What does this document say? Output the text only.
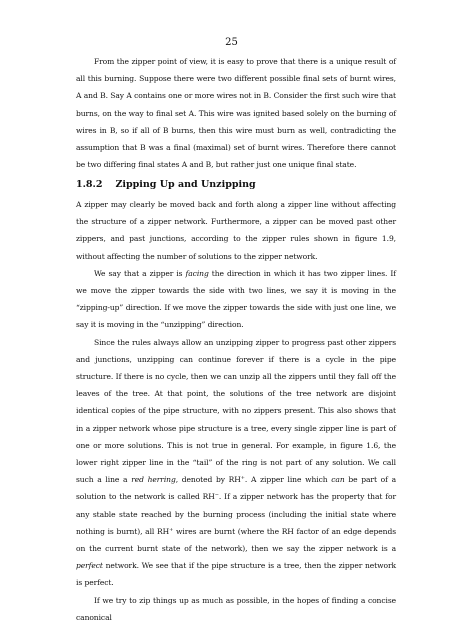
25

From the zipper point of view, it is easy to prove that there is a unique result of all this burning. Suppose there were two different possible final sets of burnt wires, A and B. Say A contains one or more wires not in B. Consider the first such wire that burns, on the way to final set A. This wire was ignited based solely on the burning of wires in B, so if all of B burns, then this wire must burn as well, contradicting the assumption that B was a final (maximal) set of burnt wires. Therefore there cannot be two differing final states A and B, but rather just one unique final state.

1.8.2 Zipping Up and Unzipping

A zipper may clearly be moved back and forth along a zipper line without affecting the structure of a zipper network. Furthermore, a zipper can be moved past other zippers, and past junctions, according to the zipper rules shown in figure 1.9, without affecting the number of solutions to the zipper network.

We say that a zipper is facing the direction in which it has two zipper lines. If we move the zipper towards the side with two lines, we say it is moving in the “zipping-up” direction. If we move the zipper towards the side with just one line, we say it is moving in the “unzipping” direction.

Since the rules always allow an unzipping zipper to progress past other zippers and junctions, unzipping can continue forever if there is a cycle in the pipe structure. If there is no cycle, then we can unzip all the zippers until they fall off the leaves of the tree. At that point, the solutions of the tree network are disjoint identical copies of the pipe structure, with no zippers present. This also shows that in a zipper network whose pipe structure is a tree, every single zipper line is part of one or more solutions. This is not true in general. For example, in figure 1.6, the lower right zipper line in the “tail” of the ring is not part of any solution. We call such a line a red herring, denoted by RH+. A zipper line which can be part of a solution to the network is called RH−. If a zipper network has the property that for any stable state reached by the burning process (including the initial state where nothing is burnt), all RH+ wires are burnt (where the RH factor of an edge depends on the current burnt state of the network), then we say the zipper network is a perfect network. We see that if the pipe structure is a tree, then the zipper network is perfect.

If we try to zip things up as much as possible, in the hopes of finding a concise canonical
